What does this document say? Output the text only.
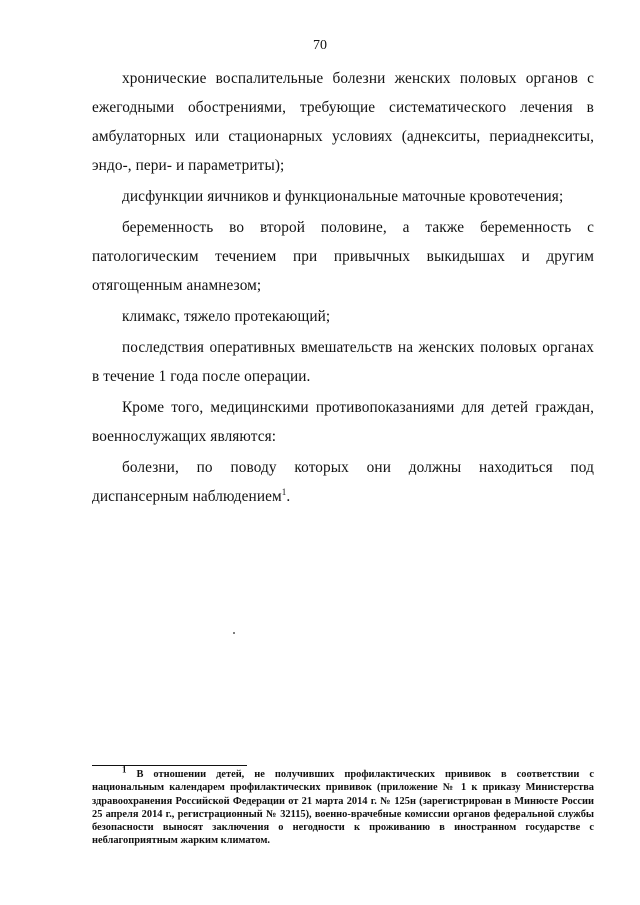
70

хронические воспалительные болезни женских половых органов с ежегодными обострениями, требующие систематического лечения в амбулаторных или стационарных условиях (аднекситы, периаднекситы, эндо-, пери- и параметриты);

дисфункции яичников и функциональные маточные кровотечения;

беременность во второй половине, а также беременность с патологическим течением при привычных выкидышах и другим отягощенным анамнезом;

климакс, тяжело протекающий;

последствия оперативных вмешательств на женских половых органах в течение 1 года после операции.

Кроме того, медицинскими противопоказаниями для детей граждан, военнослужащих являются:

болезни, по поводу которых они должны находиться под диспансерным наблюдением$^1$.

$^1$ В отношении детей, не получивших профилактических прививок в соответствии с национальным календарем профилактических прививок (приложение № 1 к приказу Министерства здравоохранения Российской Федерации от 21 марта 2014 г. № 125н (зарегистрирован в Минюсте России 25 апреля 2014 г., регистрационный № 32115), военно-врачебные комиссии органов федеральной службы безопасности выносят заключения о негодности к проживанию в иностранном государстве с неблагоприятным жарким климатом.
